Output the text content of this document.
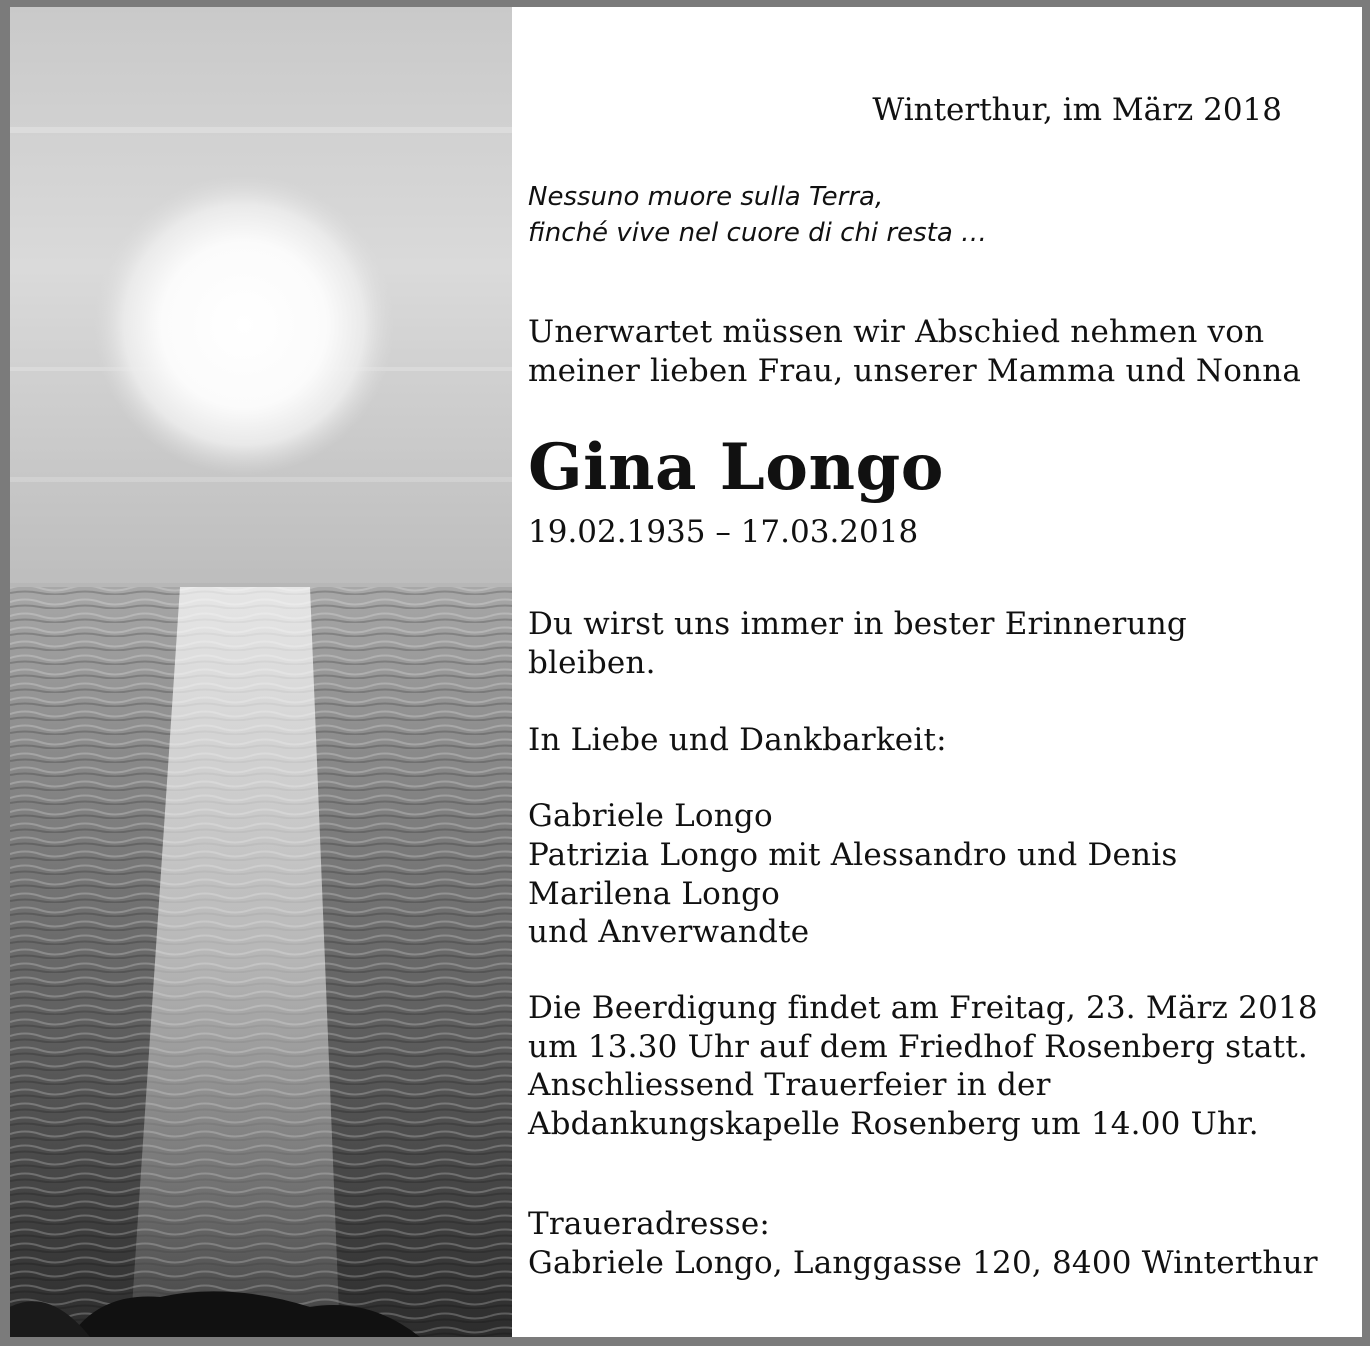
Winterthur, im März 2018
Nessuno muore sulla Terra,
finché vive nel cuore di chi resta …
Unerwartet müssen wir Abschied nehmen von
meiner lieben Frau, unserer Mamma und Nonna
Gina Longo
19.02.1935 – 17.03.2018
Du wirst uns immer in bester Erinnerung
bleiben.
In Liebe und Dankbarkeit:
Gabriele Longo
Patrizia Longo mit Alessandro und Denis
Marilena Longo
und Anverwandte
Die Beerdigung findet am Freitag, 23. März 2018
um 13.30 Uhr auf dem Friedhof Rosenberg statt.
Anschliessend Trauerfeier in der
Abdankungskapelle Rosenberg um 14.00 Uhr.
Traueradresse:
Gabriele Longo, Langgasse 120, 8400 Winterthur
